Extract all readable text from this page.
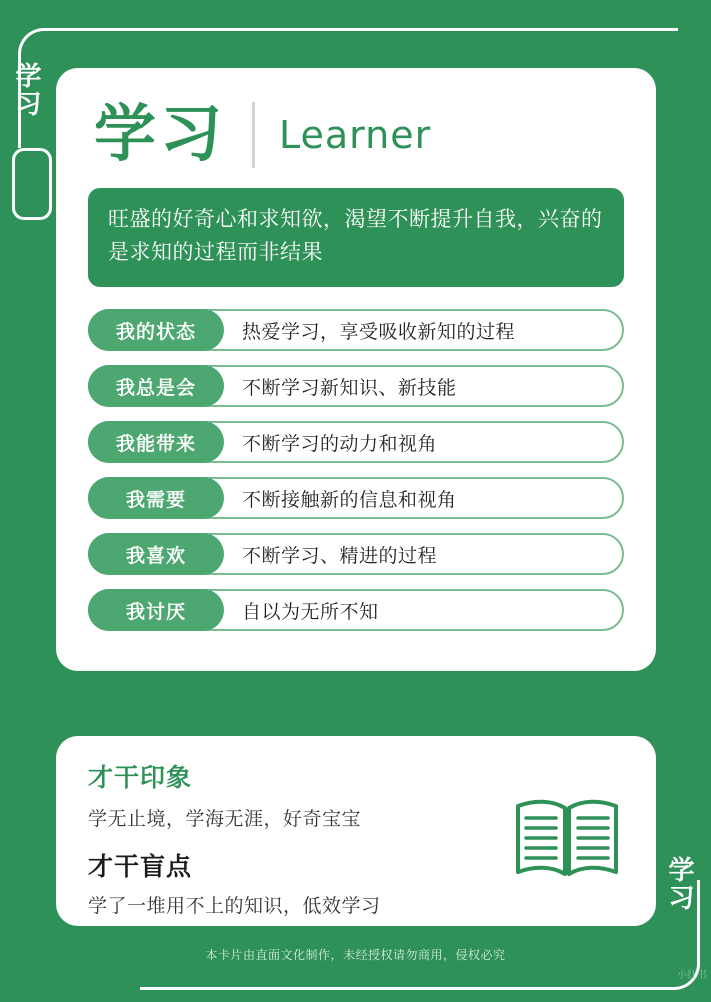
学习
学习
学习 Learner
旺盛的好奇心和求知欲，渴望不断提升自我，兴奋的是求知的过程而非结果
我的状态	热爱学习，享受吸收新知的过程
我总是会	不断学习新知识、新技能
我能带来	不断学习的动力和视角
我需要	不断接触新的信息和视角
我喜欢	不断学习、精进的过程
我讨厌	自以为无所不知
才干印象
学无止境，学海无涯，好奇宝宝
才干盲点
学了一堆用不上的知识，低效学习
本卡片由直面文化制作，未经授权请勿商用，侵权必究
小红书
